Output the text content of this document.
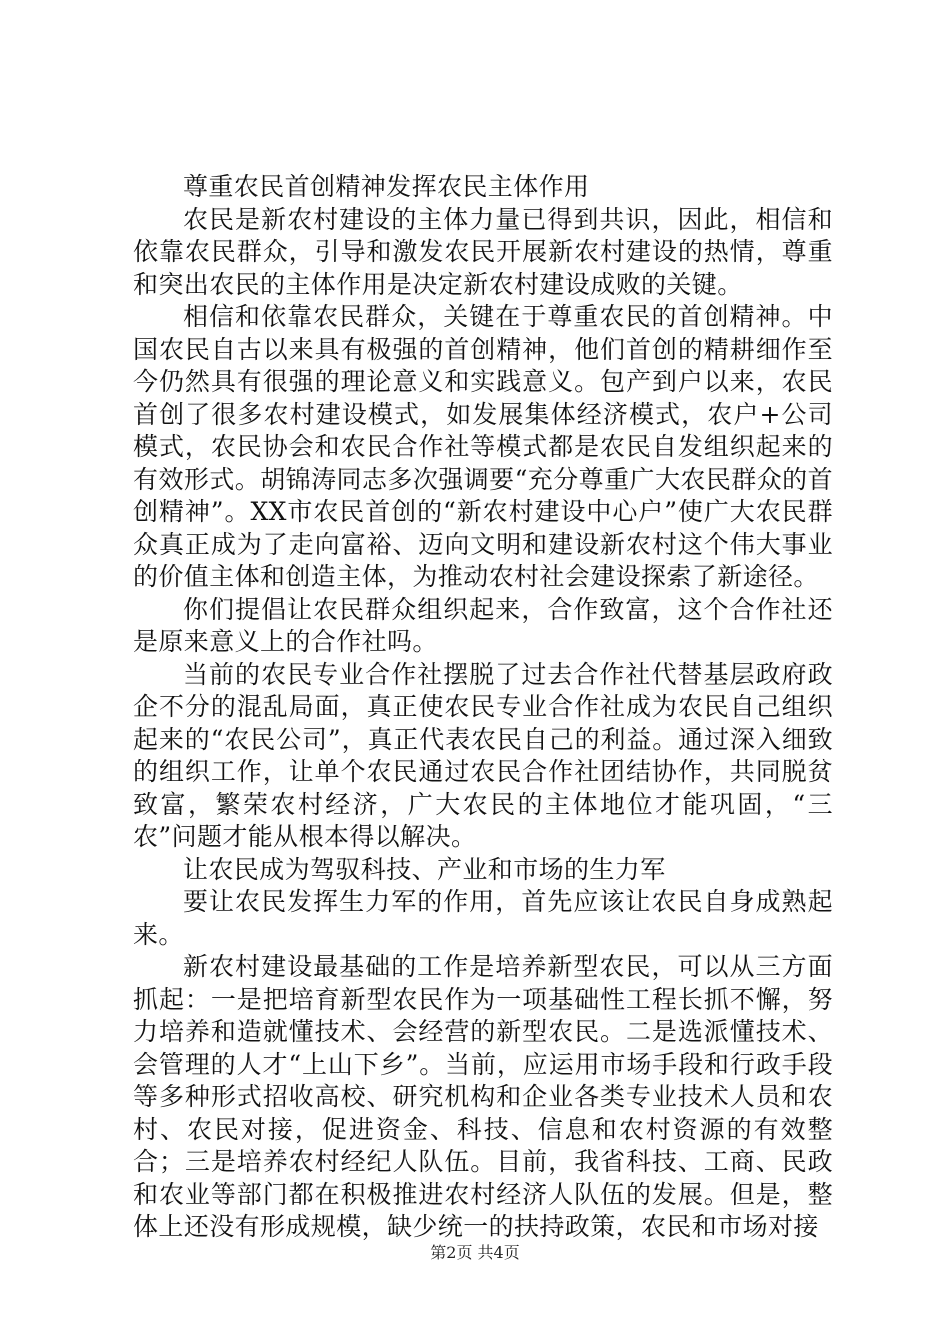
尊重农民首创精神发挥农民主体作用

农民是新农村建设的主体力量已得到共识，因此，相信和依靠农民群众，引导和激发农民开展新农村建设的热情，尊重和突出农民的主体作用是决定新农村建设成败的关键。

相信和依靠农民群众，关键在于尊重农民的首创精神。中国农民自古以来具有极强的首创精神，他们首创的精耕细作至今仍然具有很强的理论意义和实践意义。包产到户以来，农民首创了很多农村建设模式，如发展集体经济模式，农户+公司模式，农民协会和农民合作社等模式都是农民自发组织起来的有效形式。胡锦涛同志多次强调要“充分尊重广大农民群众的首创精神”。XX市农民首创的“新农村建设中心户”使广大农民群众真正成为了走向富裕、迈向文明和建设新农村这个伟大事业的价值主体和创造主体，为推动农村社会建设探索了新途径。

你们提倡让农民群众组织起来，合作致富，这个合作社还是原来意义上的合作社吗。

当前的农民专业合作社摆脱了过去合作社代替基层政府政企不分的混乱局面，真正使农民专业合作社成为农民自己组织起来的“农民公司”，真正代表农民自己的利益。通过深入细致的组织工作，让单个农民通过农民合作社团结协作，共同脱贫致富，繁荣农村经济，广大农民的主体地位才能巩固，“三农”问题才能从根本得以解决。

让农民成为驾驭科技、产业和市场的生力军

要让农民发挥生力军的作用，首先应该让农民自身成熟起来。

新农村建设最基础的工作是培养新型农民，可以从三方面抓起：一是把培育新型农民作为一项基础性工程长抓不懈，努力培养和造就懂技术、会经营的新型农民。二是选派懂技术、会管理的人才“上山下乡”。当前，应运用市场手段和行政手段等多种形式招收高校、研究机构和企业各类专业技术人员和农村、农民对接，促进资金、科技、信息和农村资源的有效整合；三是培养农村经纪人队伍。目前，我省科技、工商、民政和农业等部门都在积极推进农村经济人队伍的发展。但是，整体上还没有形成规模，缺少统一的扶持政策，农民和市场对接

第2页 共4页
